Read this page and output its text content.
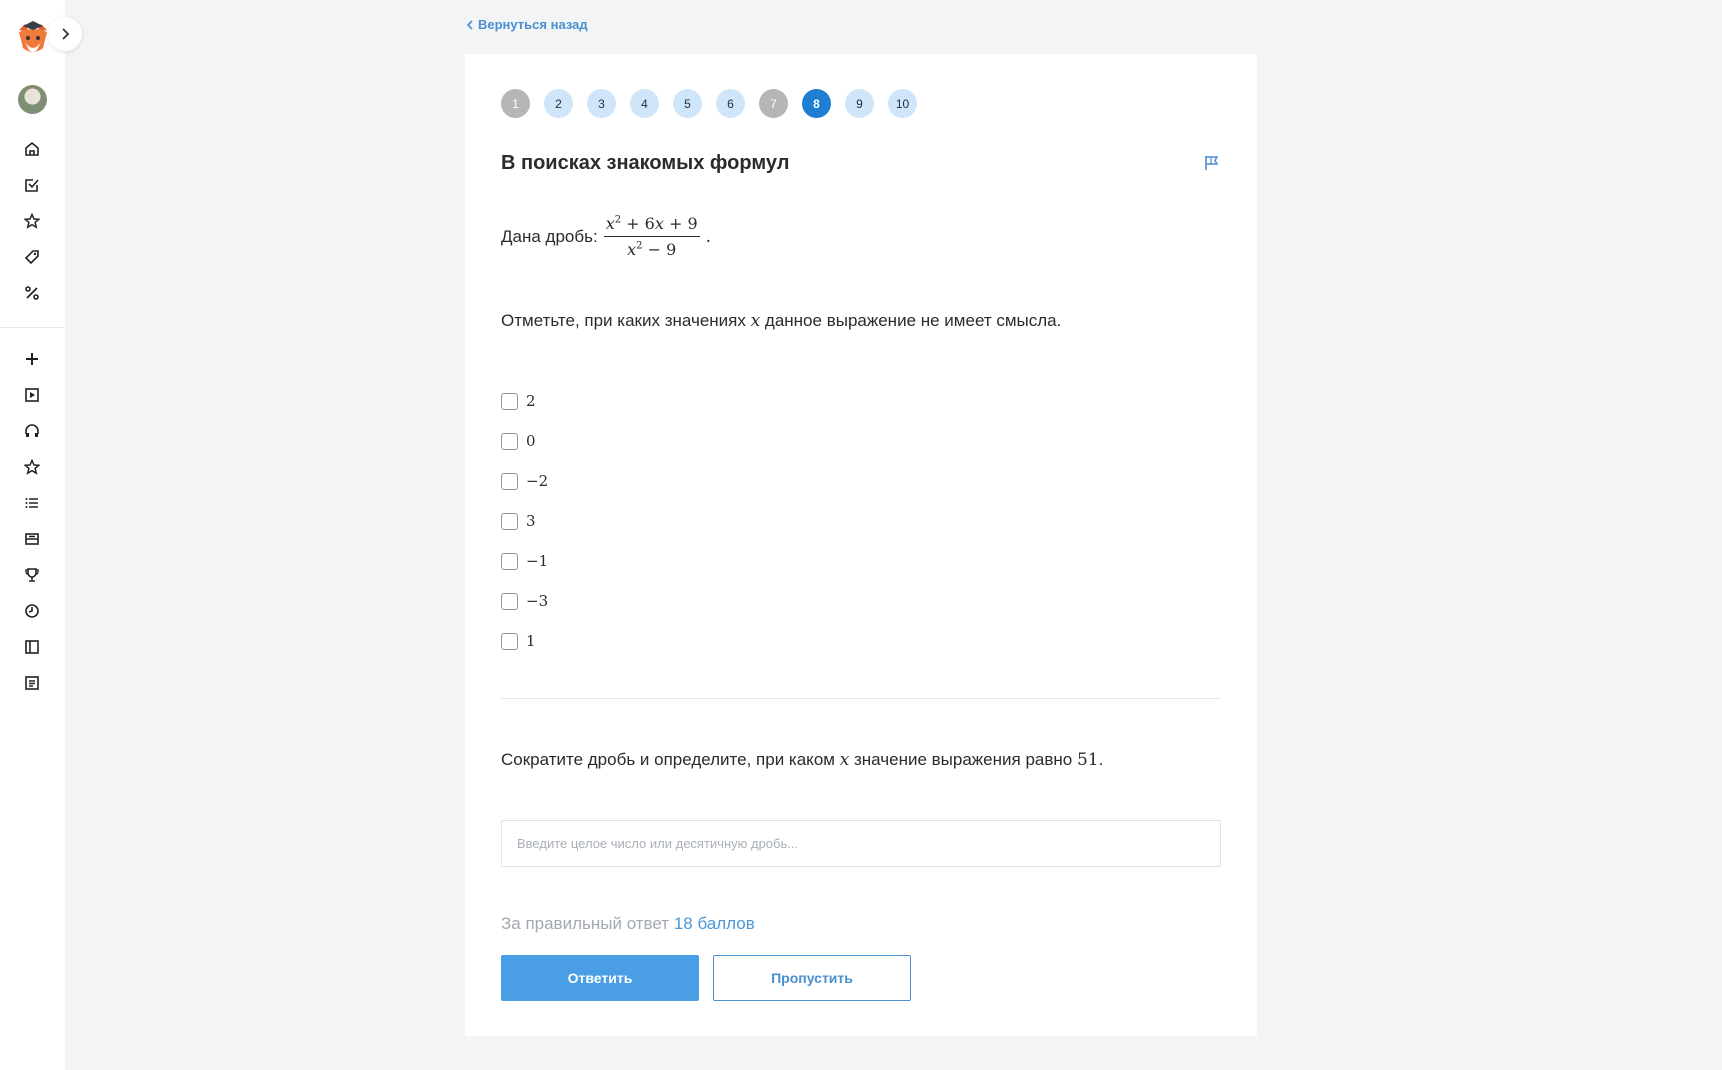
Вернуться назад
1	2	3	4	5	6	7	8	9	10
В поисках знакомых формул
Дана дробь: $\frac{x^2 + 6x + 9}{x^2 - 9}$ .
Отметьте, при каких значениях x данное выражение не имеет смысла.
2
0
−2
3
−1
−3
1
Сократите дробь и определите, при каком x значение выражения равно 51.
Введите целое число или десятичную дробь...
За правильный ответ 18 баллов
Ответить	Пропустить
